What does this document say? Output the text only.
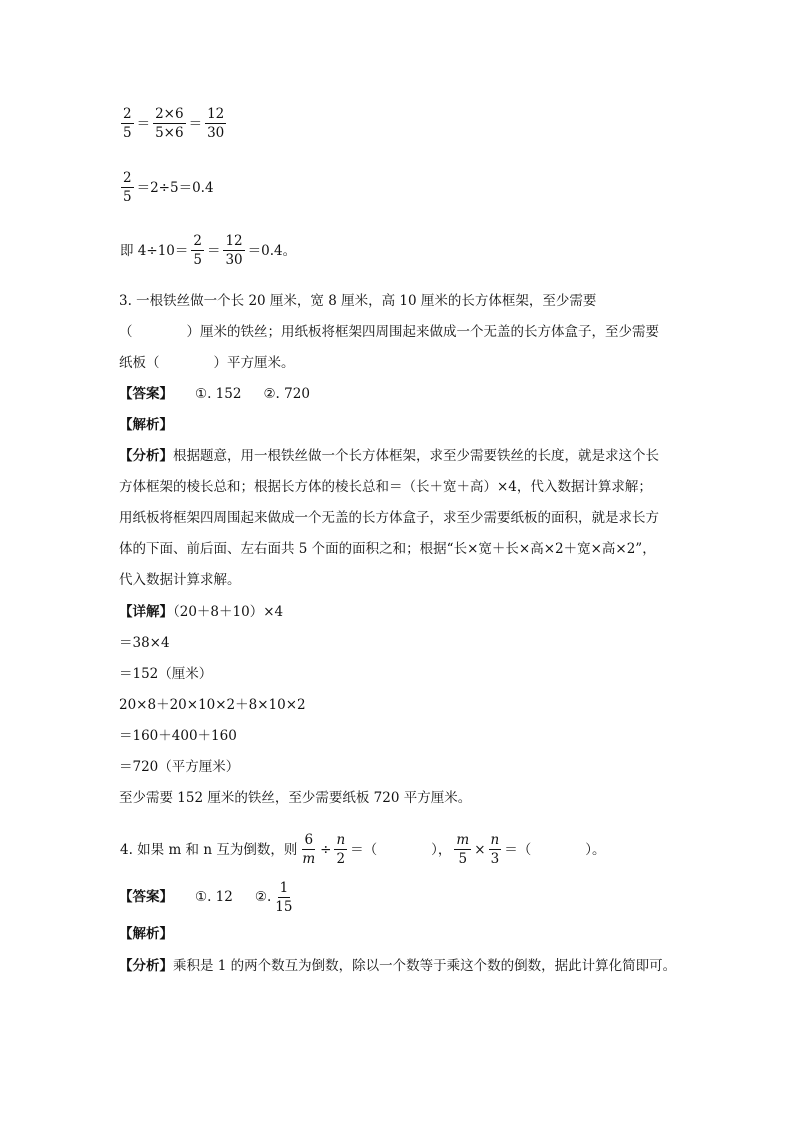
$\frac{2}{5} = \frac{2\times 6}{5\times 6} = \frac{12}{30}$
$\frac{2}{5} =2\div 5=0.4$
即 $4\div 10= \frac{2}{5} = \frac{12}{30} =0.4$。
3. 一根铁丝做一个长 20 厘米，宽 8 厘米，高 10 厘米的长方体框架，至少需要
（　　　　）厘米的铁丝；用纸板将框架四周围起来做成一个无盖的长方体盒子，至少需要
纸板（　　　　）平方厘米。
【答案】 ①. 152 ②. 720
【解析】
【分析】根据题意，用一根铁丝做一个长方体框架，求至少需要铁丝的长度，就是求这个长
方体框架的棱长总和；根据长方体的棱长总和＝（长＋宽＋高）×4，代入数据计算求解；
用纸板将框架四周围起来做成一个无盖的长方体盒子，求至少需要纸板的面积，就是求长方
体的下面、前后面、左右面共 5 个面的面积之和；根据“长×宽＋长×高×2＋宽×高×2”，
代入数据计算求解。
【详解】（20＋8＋10）×4
＝38×4
＝152（厘米）
20×8＋20×10×2＋8×10×2
＝160＋400＋160
＝720（平方厘米）
至少需要 152 厘米的铁丝，至少需要纸板 720 平方厘米。
4. 如果 m 和 n 互为倒数，则 $\frac{6}{m} \div \frac{n}{2}$ ＝（　　　　）， $\frac{m}{5} \times \frac{n}{3}$ ＝（　　　　）。
【答案】 ①. 12 ②. $\frac{1}{15}$
【解析】
【分析】乘积是 1 的两个数互为倒数，除以一个数等于乘这个数的倒数，据此计算化简即可。
